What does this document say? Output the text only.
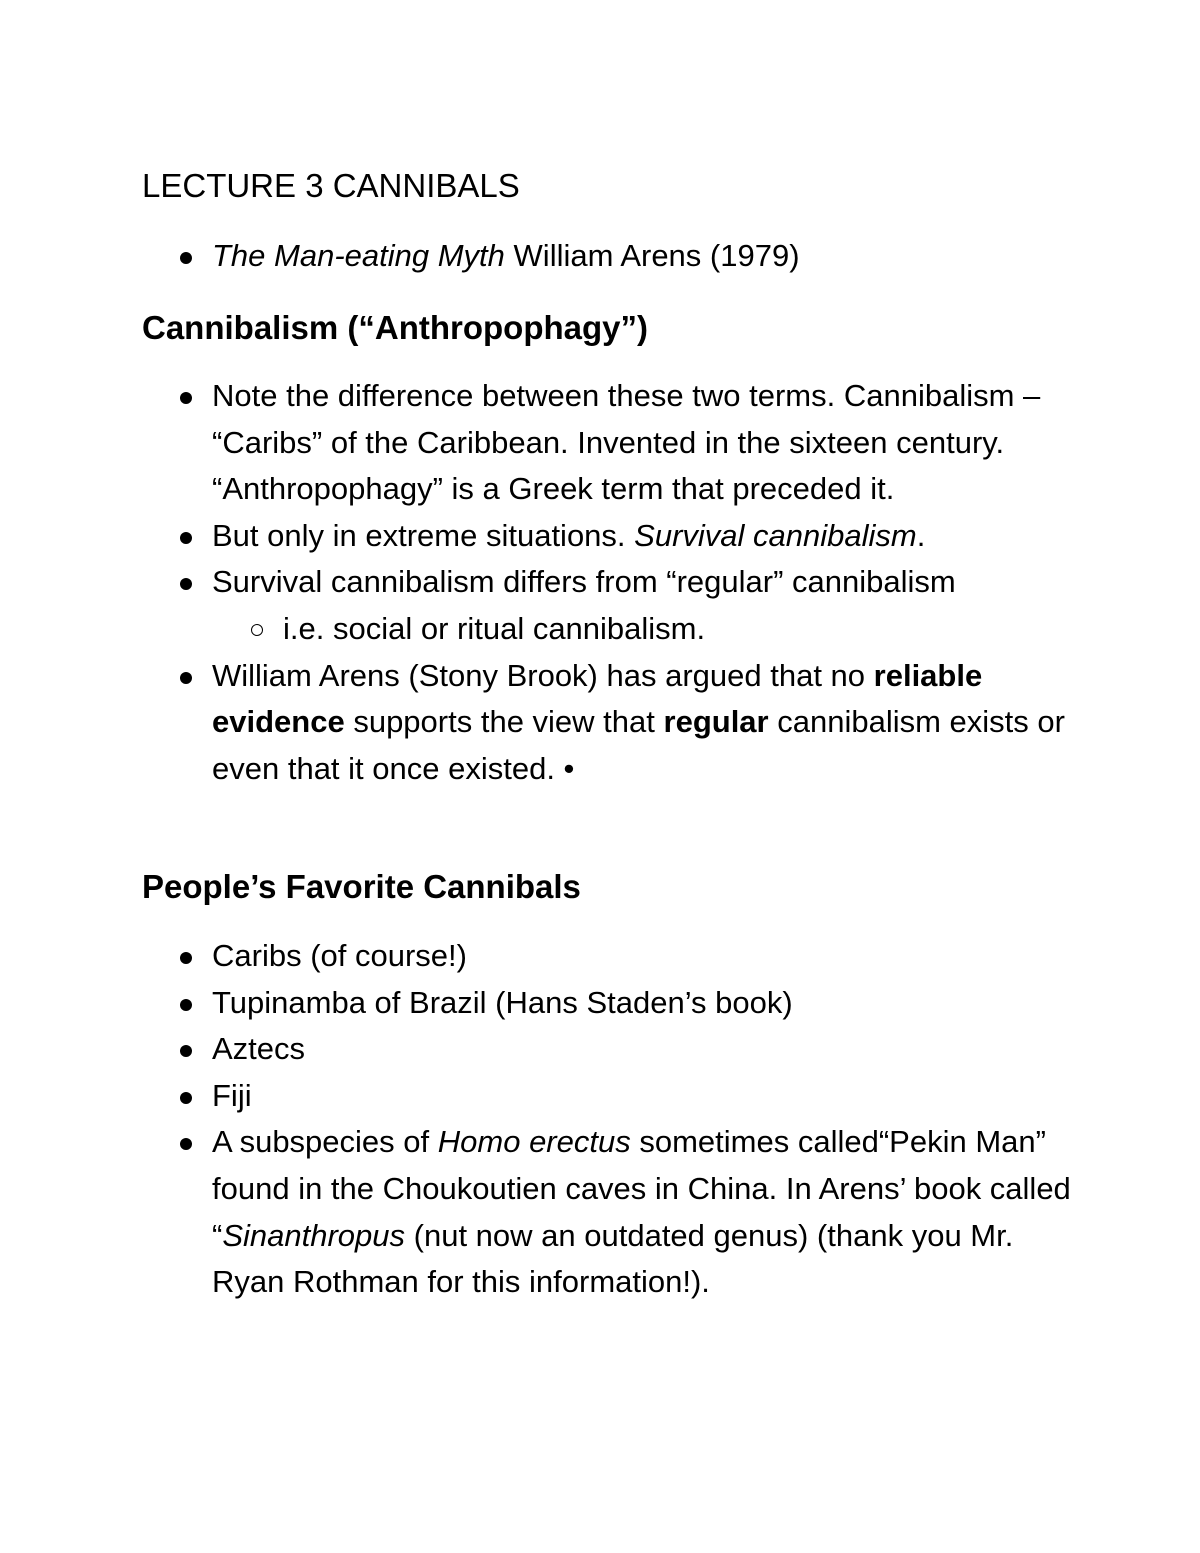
LECTURE 3 CANNIBALS
The Man-eating Myth William Arens (1979)
Cannibalism (“Anthropophagy”)
Note the difference between these two terms. Cannibalism – “Caribs” of the Caribbean. Invented in the sixteen century. “Anthropophagy” is a Greek term that preceded it.
But only in extreme situations. Survival cannibalism.
Survival cannibalism differs from “regular” cannibalism
i.e. social or ritual cannibalism.
William Arens (Stony Brook) has argued that no reliable evidence supports the view that regular cannibalism exists or even that it once existed. •
People’s Favorite Cannibals
Caribs (of course!)
Tupinamba of Brazil (Hans Staden’s book)
Aztecs
Fiji
A subspecies of Homo erectus sometimes called“Pekin Man” found in the Choukoutien caves in China. In Arens’ book called “Sinanthropus (nut now an outdated genus) (thank you Mr. Ryan Rothman for this information!).
